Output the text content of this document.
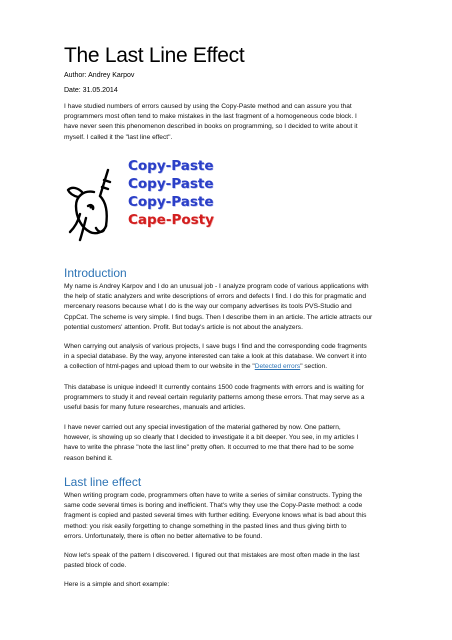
The Last Line Effect
Author: Andrey Karpov
Date: 31.05.2014

I have studied numbers of errors caused by using the Copy-Paste method and can assure you that
programmers most often tend to make mistakes in the last fragment of a homogeneous code block. I
have never seen this phenomenon described in books on programming, so I decided to write about it
myself. I called it the "last line effect".

Copy-Paste
Copy-Paste
Copy-Paste
Cape-Posty
Introduction

My name is Andrey Karpov and I do an unusual job - I analyze program code of various applications with
the help of static analyzers and write descriptions of errors and defects I find. I do this for pragmatic and
mercenary reasons because what I do is the way our company advertises its tools PVS-Studio and
CppCat. The scheme is very simple. I find bugs. Then I describe them in an article. The article attracts our
potential customers' attention. Profit. But today's article is not about the analyzers.

When carrying out analysis of various projects, I save bugs I find and the corresponding code fragments
in a special database. By the way, anyone interested can take a look at this database. We convert it into
a collection of html-pages and upload them to our website in the "Detected errors" section.

This database is unique indeed! It currently contains 1500 code fragments with errors and is waiting for
programmers to study it and reveal certain regularity patterns among these errors. That may serve as a
useful basis for many future researches, manuals and articles.

I have never carried out any special investigation of the material gathered by now. One pattern,
however, is showing up so clearly that I decided to investigate it a bit deeper. You see, in my articles I
have to write the phrase "note the last line" pretty often. It occurred to me that there had to be some
reason behind it.

Last line effect

When writing program code, programmers often have to write a series of similar constructs. Typing the
same code several times is boring and inefficient. That's why they use the Copy-Paste method: a code
fragment is copied and pasted several times with further editing. Everyone knows what is bad about this
method: you risk easily forgetting to change something in the pasted lines and thus giving birth to
errors. Unfortunately, there is often no better alternative to be found.

Now let's speak of the pattern I discovered. I figured out that mistakes are most often made in the last
pasted block of code.

Here is a simple and short example:
